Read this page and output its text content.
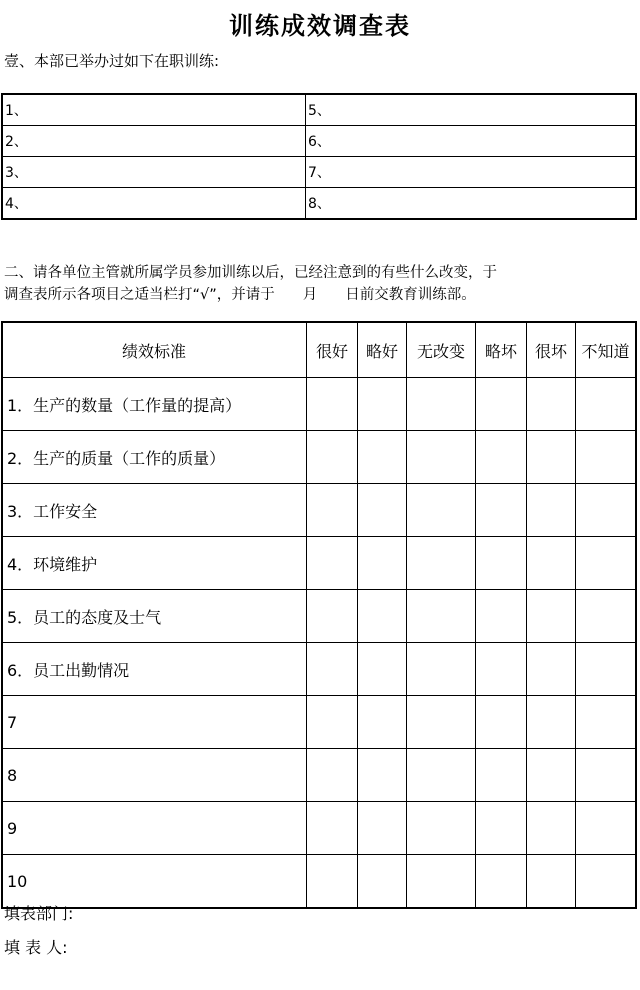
训练成效调查表
壹、本部已举办过如下在职训练:
1、	5、
2、	6、
3、	7、
4、	8、
二、请各单位主管就所属学员参加训练以后，已经注意到的有些什么改变，于
调查表所示各项目之适当栏打“√”，并请于 月 日前交教育训练部。
绩效标准	很好	略好	无改变	略坏	很坏	不知道
1．生产的数量（工作量的提高）						
2．生产的质量（工作的质量）						
3．工作安全						
4．环境维护						
5．员工的态度及士气						
6．员工出勤情况						
7						
8						
9						
10						
填表部门:
填 表 人:
